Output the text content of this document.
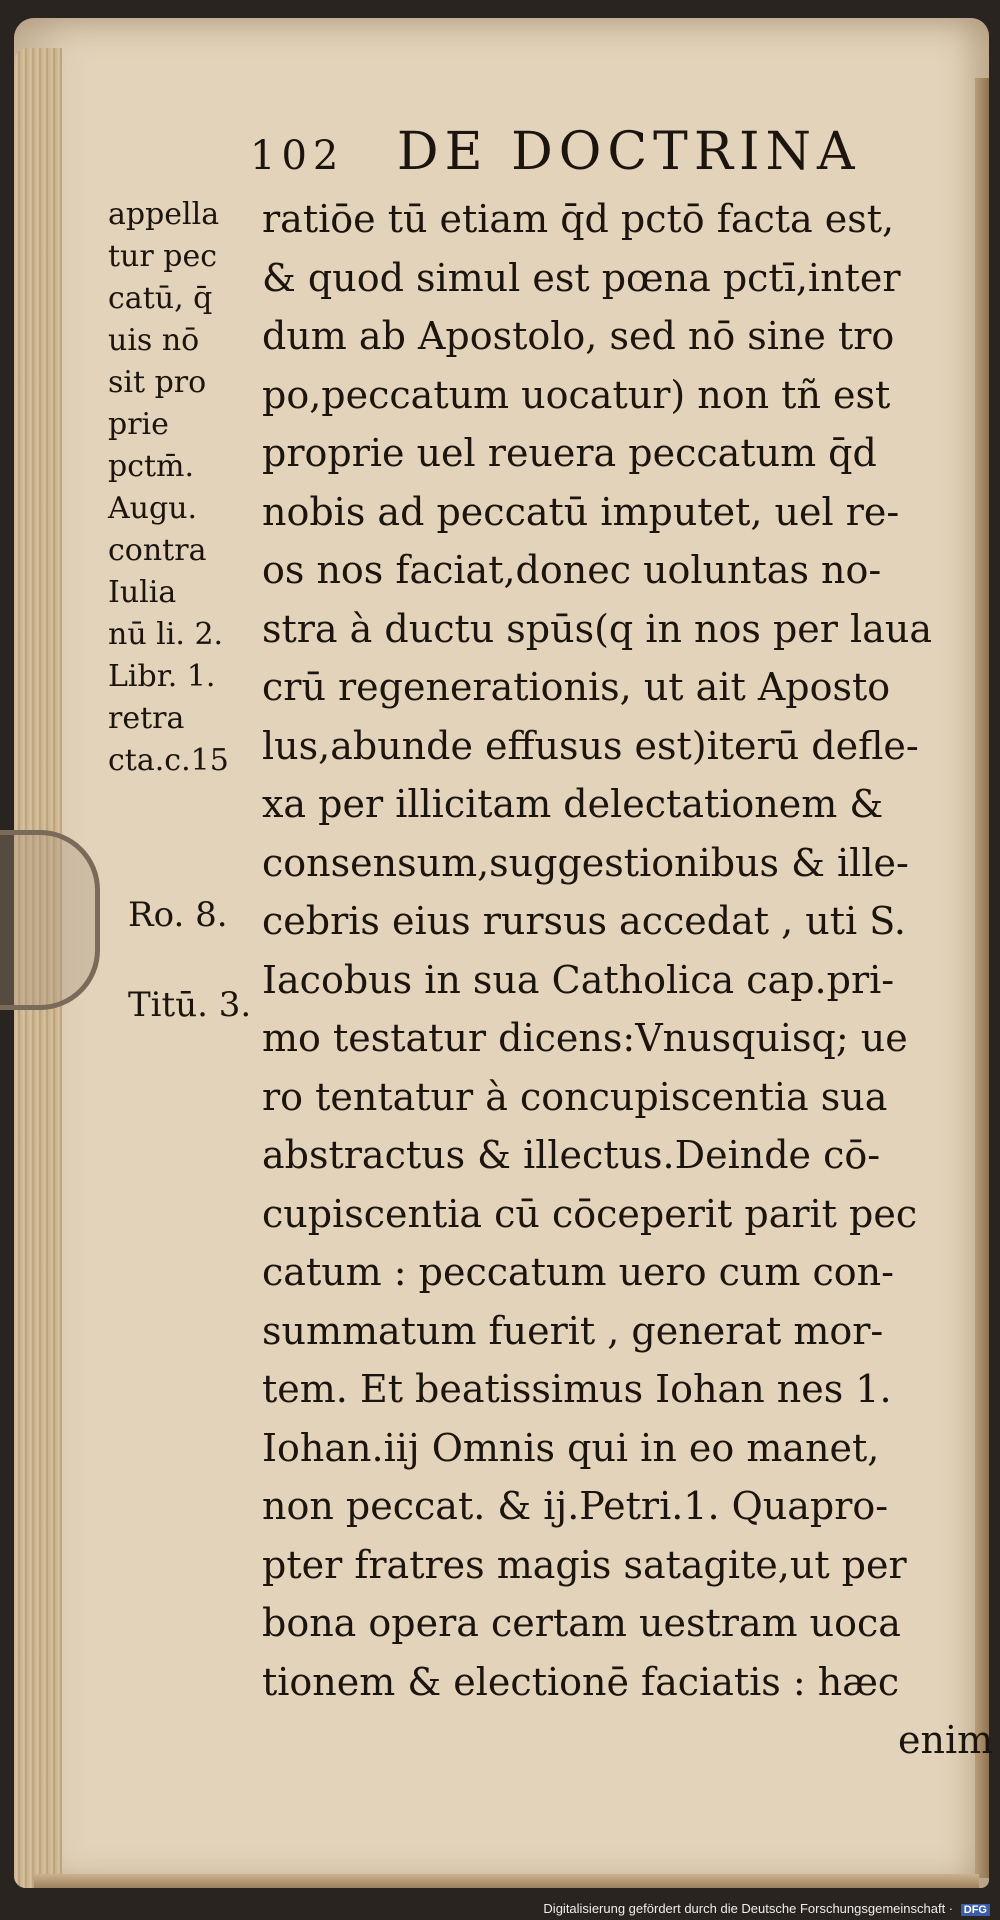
102 DE DOCTRINA
ratiōe tū etiam q̄d pctō facta est,
& quod simul est pœna pctī,inter
dum ab Apostolo, sed nō sine tro
po,peccatum uocatur) non tñ est
proprie uel reuera peccatum q̄d
nobis ad peccatū imputet, uel re-
os nos faciat,donec uoluntas no-
stra à ductu spūs(q in nos per laua
crū regenerationis, ut ait Aposto
lus,abunde effusus est)iterū defle-
xa per illicitam delectationem &
consensum,suggestionibus & ille-
cebris eius rursus accedat , uti S.
Iacobus in sua Catholica cap.pri-
mo testatur dicens:Vnusquisq; ue
ro tentatur à concupiscentia sua
abstractus & illectus.Deinde cō-
cupiscentia cū cōceperit parit pec
catum : peccatum uero cum con-
summatum fuerit , generat mor-
tem. Et beatissimus Iohan nes 1.
Iohan.iij Omnis qui in eo manet,
non peccat. & ij.Petri.1. Quapro-
pter fratres magis satagite,ut per
bona opera certam uestram uoca
tionem & electionē faciatis : hæc
enim
appella
tur pec
catū, q̄
uis nō
sit pro
prie
pctm̄.
Augu.
contra
Iulia
nū li. 2.
Libr. 1.
retra
cta.c.15
Ro. 8.
Titū. 3.
Digitalisierung gefördert durch die Deutsche Forschungsgemeinschaft · DFG
